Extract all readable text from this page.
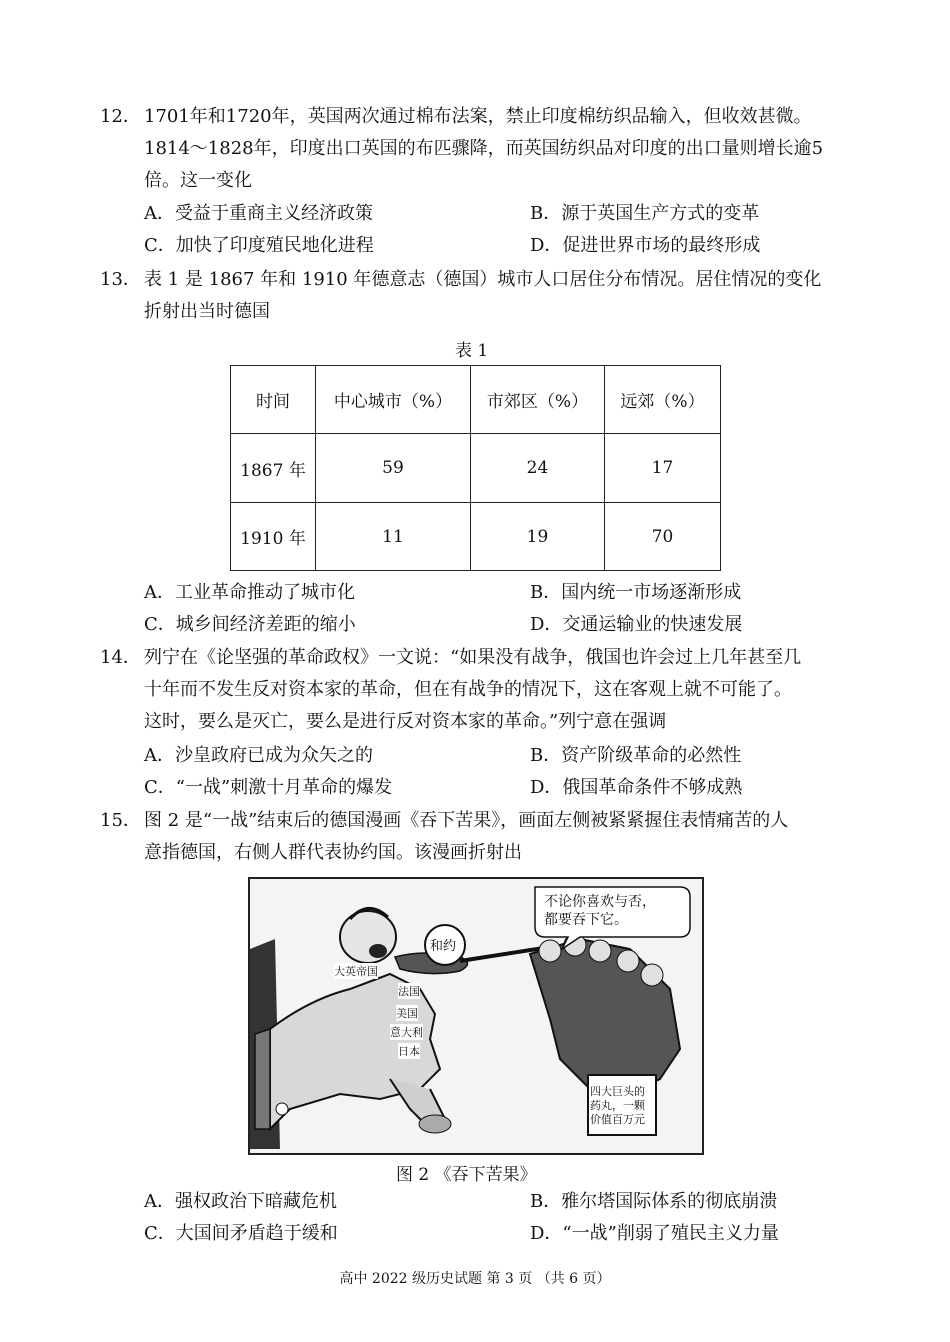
12． 1701年和1720年，英国两次通过棉布法案，禁止印度棉纺织品输入，但收效甚微。
1814～1828年，印度出口英国的布匹骤降，而英国纺织品对印度的出口量则增长逾5
倍。这一变化
A．受益于重商主义经济政策	B．源于英国生产方式的变革
C．加快了印度殖民地化进程	D．促进世界市场的最终形成
13． 表 1 是 1867 年和 1910 年德意志（德国）城市人口居住分布情况。居住情况的变化
折射出当时德国
表 1
时间	中心城市（%）	市郊区（%）	远郊（%）
1867 年	59	24	17
1910 年	11	19	70
A．工业革命推动了城市化	B．国内统一市场逐渐形成
C．城乡间经济差距的缩小	D．交通运输业的快速发展
14． 列宁在《论坚强的革命政权》一文说：“如果没有战争，俄国也许会过上几年甚至几
十年而不发生反对资本家的革命，但在有战争的情况下，这在客观上就不可能了。
这时，要么是灭亡，要么是进行反对资本家的革命。”列宁意在强调
A．沙皇政府已成为众矢之的	B．资产阶级革命的必然性
C．“一战”刺激十月革命的爆发	D．俄国革命条件不够成熟
15． 图 2 是“一战”结束后的德国漫画《吞下苦果》，画面左侧被紧紧握住表情痛苦的人
意指德国，右侧人群代表协约国。该漫画折射出
不论你喜欢与否，
都要吞下它。
和约
大英帝国
法国
美国
意大利
日本
四大巨头的
药丸，一颗
价值百万元
图 2 《吞下苦果》
A．强权政治下暗藏危机	B．雅尔塔国际体系的彻底崩溃
C．大国间矛盾趋于缓和	D．“一战”削弱了殖民主义力量
高中 2022 级历史试题 第 3 页 （共 6 页）
